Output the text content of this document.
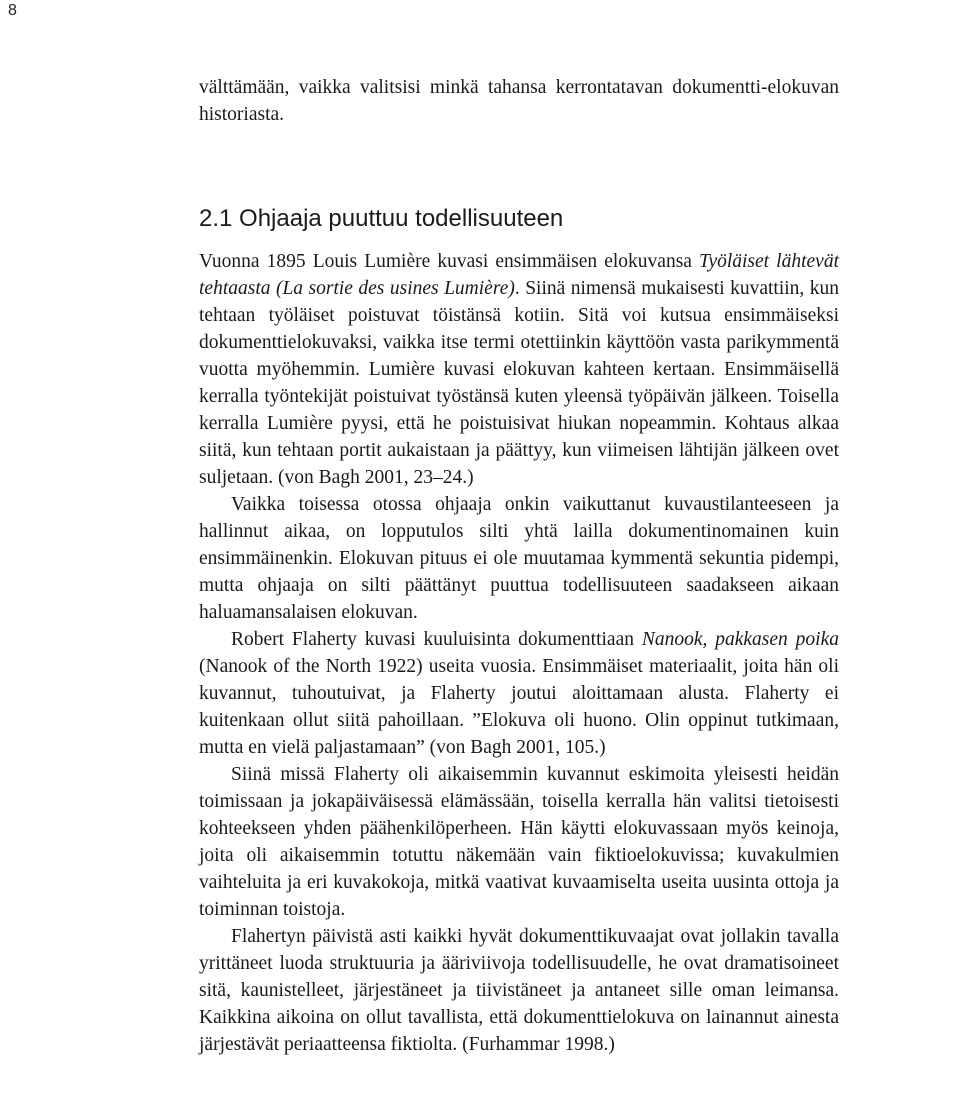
8

välttämään, vaikka valitsisi minkä tahansa kerrontatavan dokumentti-elokuvan historiasta.

2.1 Ohjaaja puuttuu todellisuuteen

Vuonna 1895 Louis Lumière kuvasi ensimmäisen elokuvansa Työläiset lähtevät tehtaasta (La sortie des usines Lumière). Siinä nimensä mukaisesti kuvattiin, kun tehtaan työläiset poistuvat töistänsä kotiin. Sitä voi kutsua ensimmäiseksi dokumenttielokuvaksi, vaikka itse termi otettiinkin käyttöön vasta parikymmentä vuotta myöhemmin. Lumière kuvasi elokuvan kahteen kertaan. Ensimmäisellä kerralla työntekijät poistuivat työstänsä kuten yleensä työpäivän jälkeen. Toisella kerralla Lumière pyysi, että he poistuisivat hiukan nopeammin. Kohtaus alkaa siitä, kun tehtaan portit aukaistaan ja päättyy, kun viimeisen lähtijän jälkeen ovet suljetaan. (von Bagh 2001, 23–24.)

Vaikka toisessa otossa ohjaaja onkin vaikuttanut kuvaustilanteeseen ja hallinnut aikaa, on lopputulos silti yhtä lailla dokumentinomainen kuin ensimmäinenkin. Elokuvan pituus ei ole muutamaa kymmentä sekuntia pidempi, mutta ohjaaja on silti päättänyt puuttua todellisuuteen saadakseen aikaan haluamansalaisen elokuvan.

Robert Flaherty kuvasi kuuluisinta dokumenttiaan Nanook, pakkasen poika (Nanook of the North 1922) useita vuosia. Ensimmäiset materiaalit, joita hän oli kuvannut, tuhoutuivat, ja Flaherty joutui aloittamaan alusta. Flaherty ei kuitenkaan ollut siitä pahoillaan. ”Elokuva oli huono. Olin oppinut tutkimaan, mutta en vielä paljastamaan” (von Bagh 2001, 105.)

Siinä missä Flaherty oli aikaisemmin kuvannut eskimoita yleisesti heidän toimissaan ja jokapäiväisessä elämässään, toisella kerralla hän valitsi tietoisesti kohteekseen yhden päähenkilöperheen. Hän käytti elokuvassaan myös keinoja, joita oli aikaisemmin totuttu näkemään vain fiktioelokuvissa; kuvakulmien vaihteluita ja eri kuvakokoja, mitkä vaativat kuvaamiselta useita uusinta ottoja ja toiminnan toistoja.

Flahertyn päivistä asti kaikki hyvät dokumenttikuvaajat ovat jollakin tavalla yrittäneet luoda struktuuria ja ääriviivoja todellisuudelle, he ovat dramatisoineet sitä, kaunistelleet, järjestäneet ja tiivistäneet ja antaneet sille oman leimansa. Kaikkina aikoina on ollut tavallista, että dokumenttielokuva on lainannut ainesta järjestävät periaatteensa fiktiolta. (Furhammar 1998.)
